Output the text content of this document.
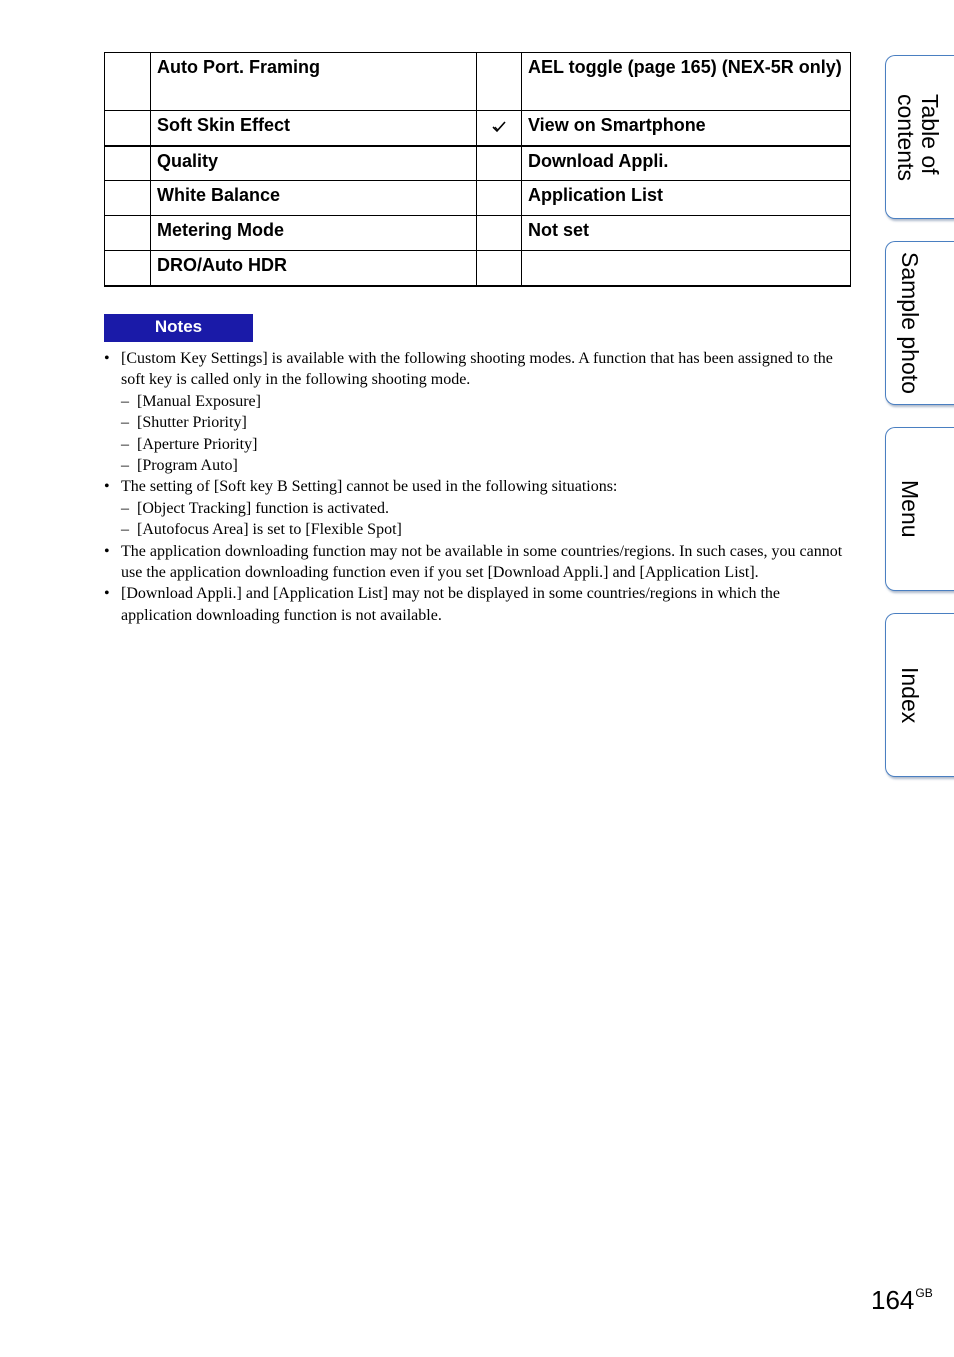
	Auto Port. Framing		AEL toggle (page 165) (NEX-5R only)
	Soft Skin Effect		View on Smartphone
	Quality		Download Appli.
	White Balance		Application List
	Metering Mode		Not set
	DRO/Auto HDR		
Notes
• [Custom Key Settings] is available with the following shooting modes. A function that has been assigned to the soft key is called only in the following shooting mode.
– [Manual Exposure]
– [Shutter Priority]
– [Aperture Priority]
– [Program Auto]
• The setting of [Soft key B Setting] cannot be used in the following situations:
– [Object Tracking] function is activated.
– [Autofocus Area] is set to [Flexible Spot]
• The application downloading function may not be available in some countries/regions. In such cases, you cannot use the application downloading function even if you set [Download Appli.] and [Application List].
• [Download Appli.] and [Application List] may not be displayed in some countries/regions in which the application downloading function is not available.
Table of
contents
Sample photo
Menu
Index
$164^{GB}$
